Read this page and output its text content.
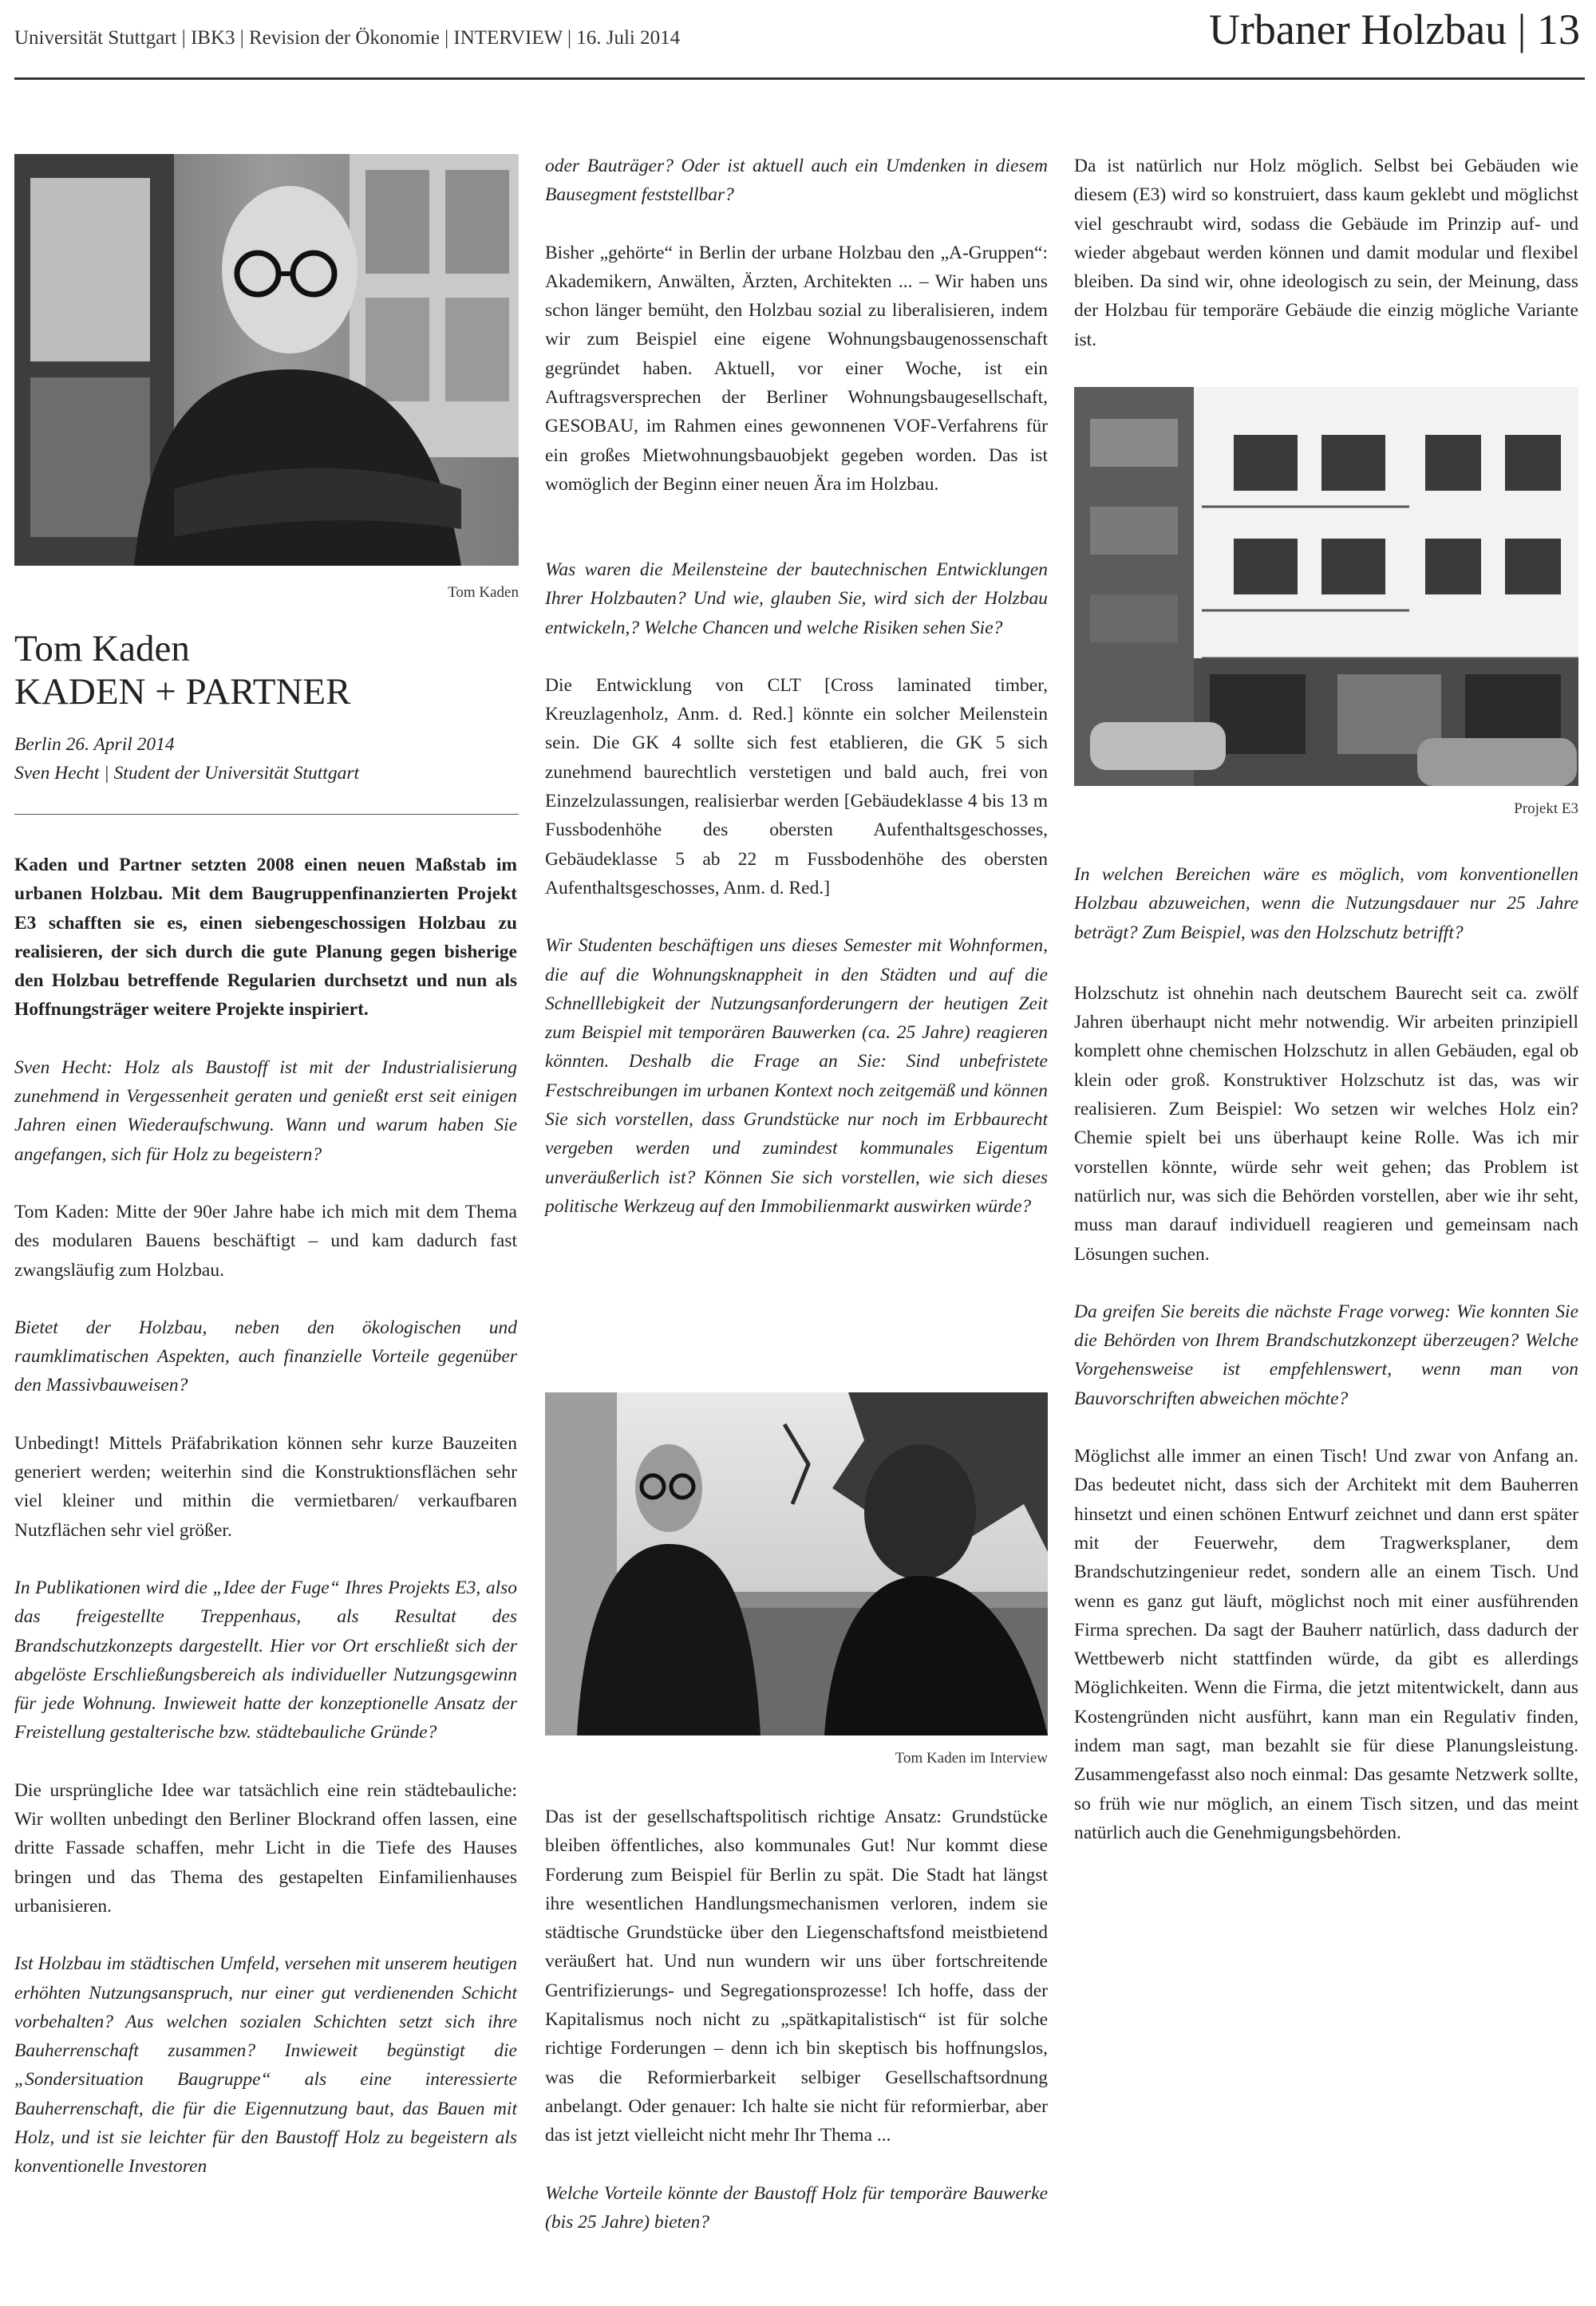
Universität Stuttgart | IBK3 | Revision der Ökonomie | INTERVIEW | 16. Juli 2014	Urbaner Holzbau | 13
Tom Kaden
Tom Kaden
KADEN + PARTNER
Berlin 26. April 2014
Sven Hecht | Student der Universität Stuttgart

Kaden und Partner setzten 2008 einen neuen Maßstab im urbanen Holzbau. Mit dem Baugruppenfinanzierten Projekt E3 schafften sie es, einen siebengeschossigen Holzbau zu realisieren, der sich durch die gute Planung gegen bisherige den Holzbau betreffende Regularien durchsetzt und nun als Hoffnungsträger weitere Projekte inspiriert.

Sven Hecht: Holz als Baustoff ist mit der Industrialisierung zunehmend in Vergessenheit geraten und genießt erst seit einigen Jahren einen Wiederaufschwung. Wann und warum haben Sie angefangen, sich für Holz zu begeistern?

Tom Kaden: Mitte der 90er Jahre habe ich mich mit dem Thema des modularen Bauens beschäftigt – und kam dadurch fast zwangsläufig zum Holzbau.

Bietet der Holzbau, neben den ökologischen und raumklimatischen Aspekten, auch finanzielle Vorteile gegenüber den Massivbauweisen?

Unbedingt! Mittels Präfabrikation können sehr kurze Bauzeiten generiert werden; weiterhin sind die Konstruktionsflächen sehr viel kleiner und mithin die vermietbaren/ verkaufbaren Nutzflächen sehr viel größer.

In Publikationen wird die „Idee der Fuge“ Ihres Projekts E3, also das freigestellte Treppenhaus, als Resultat des Brandschutzkonzepts dargestellt. Hier vor Ort erschließt sich der abgelöste Erschließungsbereich als individueller Nutzungsgewinn für jede Wohnung. Inwieweit hatte der konzeptionelle Ansatz der Freistellung gestalterische bzw. städtebauliche Gründe?

Die ursprüngliche Idee war tatsächlich eine rein städtebauliche: Wir wollten unbedingt den Berliner Blockrand offen lassen, eine dritte Fassade schaffen, mehr Licht in die Tiefe des Hauses bringen und das Thema des gestapelten Einfamilienhauses urbanisieren.

Ist Holzbau im städtischen Umfeld, versehen mit unserem heutigen erhöhten Nutzungsanspruch, nur einer gut verdienenden Schicht vorbehalten? Aus welchen sozialen Schichten setzt sich ihre Bauherrenschaft zusammen? Inwieweit begünstigt die „Sondersituation Baugruppe“ als eine interessierte Bauherrenschaft, die für die Eigennutzung baut, das Bauen mit Holz, und ist sie leichter für den Baustoff Holz zu begeistern als konventionelle Investoren

oder Bauträger? Oder ist aktuell auch ein Umdenken in diesem Bausegment feststellbar?

Bisher „gehörte“ in Berlin der urbane Holzbau den „A-Gruppen“: Akademikern, Anwälten, Ärzten, Architekten ... – Wir haben uns schon länger bemüht, den Holzbau sozial zu liberalisieren, indem wir zum Beispiel eine eigene Wohnungsbaugenossenschaft gegründet haben. Aktuell, vor einer Woche, ist ein Auftragsversprechen der Berliner Wohnungsbaugesellschaft, GESOBAU, im Rahmen eines gewonnenen VOF-Verfahrens für ein großes Mietwohnungsbauobjekt gegeben worden. Das ist womöglich der Beginn einer neuen Ära im Holzbau.

Was waren die Meilensteine der bautechnischen Entwicklungen Ihrer Holzbauten? Und wie, glauben Sie, wird sich der Holzbau entwickeln,? Welche Chancen und welche Risiken sehen Sie?

Die Entwicklung von CLT [Cross laminated timber, Kreuzlagenholz, Anm. d. Red.] könnte ein solcher Meilenstein sein. Die GK 4 sollte sich fest etablieren, die GK 5 sich zunehmend baurechtlich verstetigen und bald auch, frei von Einzelzulassungen, realisierbar werden [Gebäudeklasse 4 bis 13 m Fussbodenhöhe des obersten Aufenthaltsgeschosses, Gebäudeklasse 5 ab 22 m Fussbodenhöhe des obersten Aufenthaltsgeschosses, Anm. d. Red.]

Wir Studenten beschäftigen uns dieses Semester mit Wohnformen, die auf die Wohnungsknappheit in den Städten und auf die Schnelllebigkeit der Nutzungsanforderungern der heutigen Zeit zum Beispiel mit temporären Bauwerken (ca. 25 Jahre) reagieren könnten. Deshalb die Frage an Sie: Sind unbefristete Festschreibungen im urbanen Kontext noch zeitgemäß und können Sie sich vorstellen, dass Grundstücke nur noch im Erbbaurecht vergeben werden und zumindest kommunales Eigentum unveräußerlich ist? Können Sie sich vorstellen, wie sich dieses politische Werkzeug auf den Immobilienmarkt auswirken würde?

Tom Kaden im Interview

Das ist der gesellschaftspolitisch richtige Ansatz: Grundstücke bleiben öffentliches, also kommunales Gut! Nur kommt diese Forderung zum Beispiel für Berlin zu spät. Die Stadt hat längst ihre wesentlichen Handlungsmechanismen verloren, indem sie städtische Grundstücke über den Liegenschaftsfond meistbietend veräußert hat. Und nun wundern wir uns über fortschreitende Gentrifizierungs- und Segregationsprozesse! Ich hoffe, dass der Kapitalismus noch nicht zu „spätkapitalistisch“ ist für solche richtige Forderungen – denn ich bin skeptisch bis hoffnungslos, was die Reformierbarkeit selbiger Gesellschaftsordnung anbelangt. Oder genauer: Ich halte sie nicht für reformierbar, aber das ist jetzt vielleicht nicht mehr Ihr Thema ...

Welche Vorteile könnte der Baustoff Holz für temporäre Bauwerke (bis 25 Jahre) bieten?

Da ist natürlich nur Holz möglich. Selbst bei Gebäuden wie diesem (E3) wird so konstruiert, dass kaum geklebt und möglichst viel geschraubt wird, sodass die Gebäude im Prinzip auf- und wieder abgebaut werden können und damit modular und flexibel bleiben. Da sind wir, ohne ideologisch zu sein, der Meinung, dass der Holzbau für temporäre Gebäude die einzig mögliche Variante ist.

Projekt E3

In welchen Bereichen wäre es möglich, vom konventionellen Holzbau abzuweichen, wenn die Nutzungsdauer nur 25 Jahre beträgt? Zum Beispiel, was den Holzschutz betrifft?

Holzschutz ist ohnehin nach deutschem Baurecht seit ca. zwölf Jahren überhaupt nicht mehr notwendig. Wir arbeiten prinzipiell komplett ohne chemischen Holzschutz in allen Gebäuden, egal ob klein oder groß. Konstruktiver Holzschutz ist das, was wir realisieren. Zum Beispiel: Wo setzen wir welches Holz ein? Chemie spielt bei uns überhaupt keine Rolle. Was ich mir vorstellen könnte, würde sehr weit gehen; das Problem ist natürlich nur, was sich die Behörden vorstellen, aber wie ihr seht, muss man darauf individuell reagieren und gemeinsam nach Lösungen suchen.

Da greifen Sie bereits die nächste Frage vorweg: Wie konnten Sie die Behörden von Ihrem Brandschutzkonzept überzeugen? Welche Vorgehensweise ist empfehlenswert, wenn man von Bauvorschriften abweichen möchte?

Möglichst alle immer an einen Tisch! Und zwar von Anfang an. Das bedeutet nicht, dass sich der Architekt mit dem Bauherren hinsetzt und einen schönen Entwurf zeichnet und dann erst später mit der Feuerwehr, dem Tragwerksplaner, dem Brandschutzingenieur redet, sondern alle an einem Tisch. Und wenn es ganz gut läuft, möglichst noch mit einer ausführenden Firma sprechen. Da sagt der Bauherr natürlich, dass dadurch der Wettbewerb nicht stattfinden würde, da gibt es allerdings Möglichkeiten. Wenn die Firma, die jetzt mitentwickelt, dann aus Kostengründen nicht ausführt, kann man ein Regulativ finden, indem man sagt, man bezahlt sie für diese Planungsleistung. Zusammengefasst also noch einmal: Das gesamte Netzwerk sollte, so früh wie nur möglich, an einem Tisch sitzen, und das meint natürlich auch die Genehmigungsbehörden.
